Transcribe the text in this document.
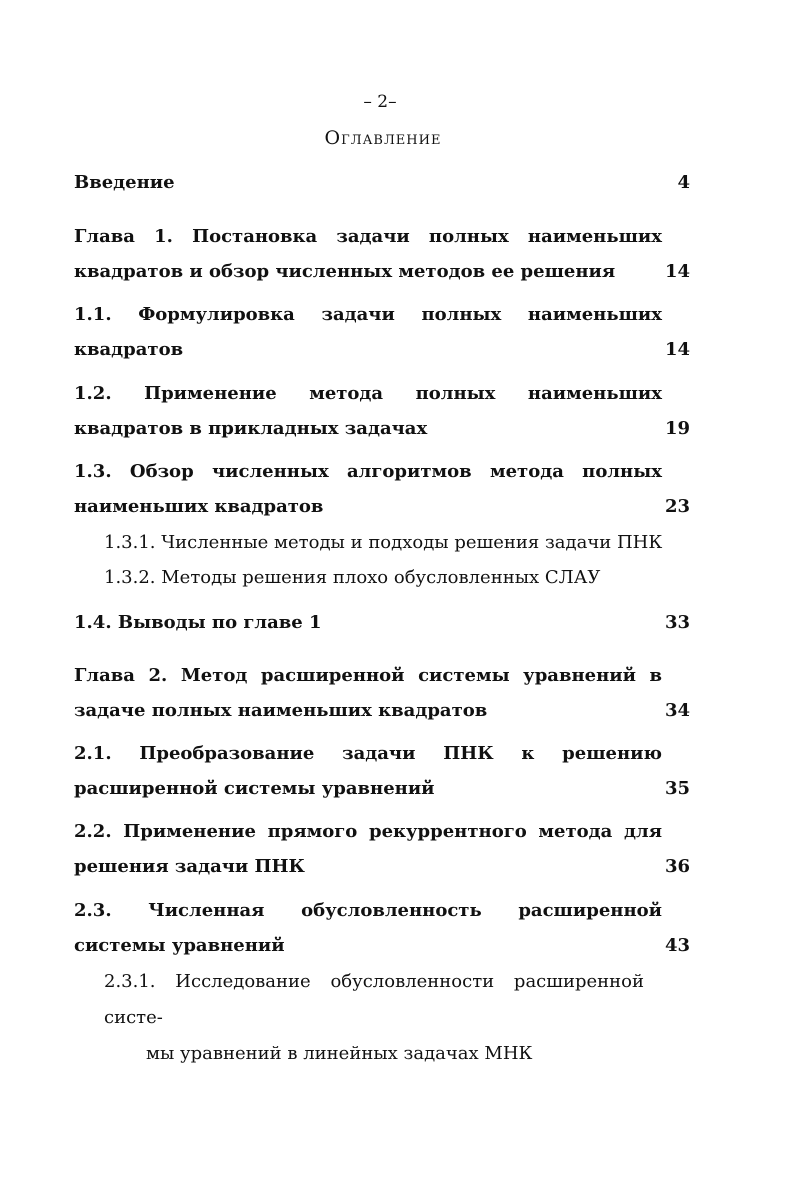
– 2–
Оглавление
Введение	4
Глава 1. Постановка задачи полных наименьших квадратов и обзор численных методов ее решения	14
1.1. Формулировка задачи полных наименьших квадратов	14
1.2. Применение метода полных наименьших квадратов в прикладных задачах	19
1.3. Обзор численных алгоритмов метода полных наименьших квадратов	23
1.3.1. Численные методы и подходы решения задачи ПНК
1.3.2. Методы решения плохо обусловленных СЛАУ
1.4. Выводы по главе 1	33
Глава 2. Метод расширенной системы уравнений в задаче полных наименьших квадратов	34
2.1. Преобразование задачи ПНК к решению расширенной системы уравнений	35
2.2. Применение прямого рекуррентного метода для решения задачи ПНК	36
2.3. Численная обусловленность расширенной системы уравнений	43
2.3.1. Исследование обусловленности расширенной систе-
мы уравнений в линейных задачах МНК
